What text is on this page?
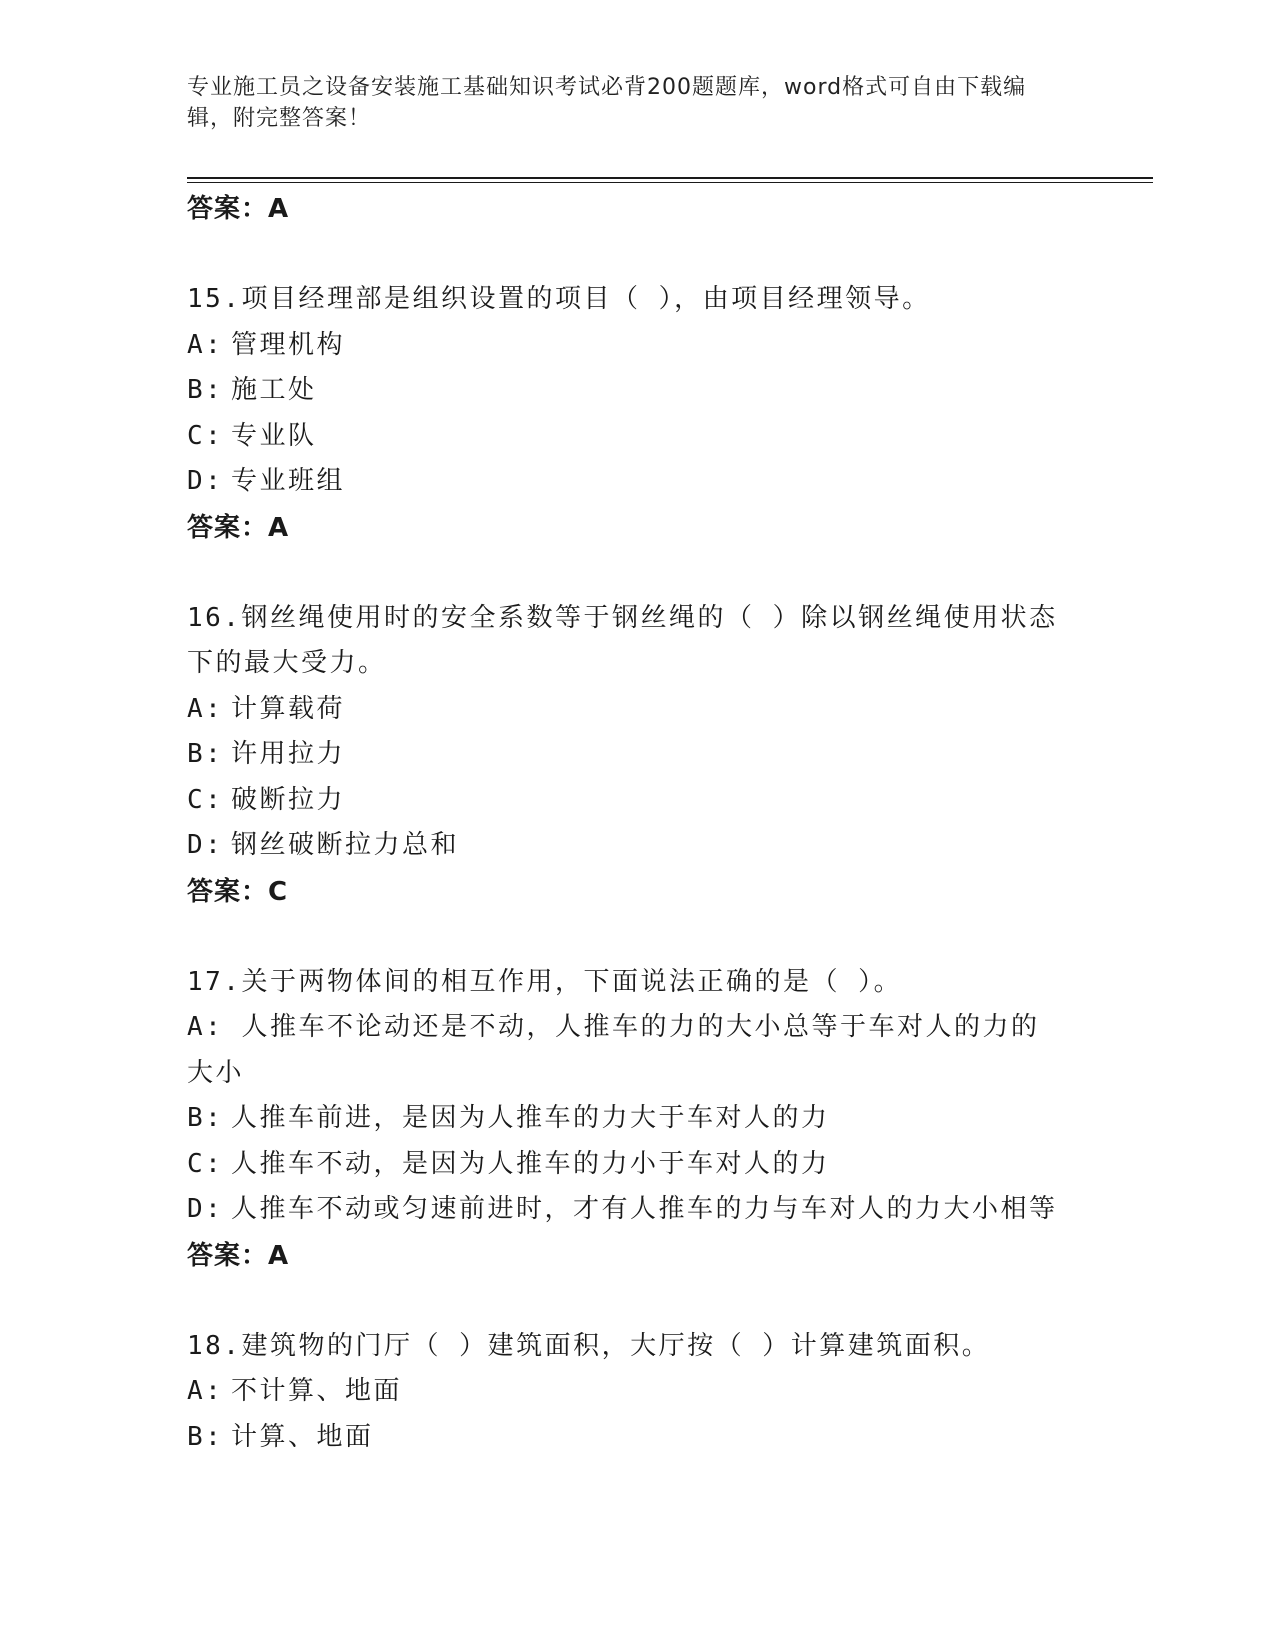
专业施工员之设备安装施工基础知识考试必背200题题库，word格式可自由下载编辑，附完整答案！
答案：A
15.项目经理部是组织设置的项目（ ），由项目经理领导。
A: 管理机构
B: 施工处
C: 专业队
D: 专业班组
答案：A
16.钢丝绳使用时的安全系数等于钢丝绳的（ ）除以钢丝绳使用状态下的最大受力。
A: 计算载荷
B: 许用拉力
C: 破断拉力
D: 钢丝破断拉力总和
答案：C
17.关于两物体间的相互作用，下面说法正确的是（ ）。
A: 人推车不论动还是不动，人推车的力的大小总等于车对人的力的大小
B: 人推车前进，是因为人推车的力大于车对人的力
C: 人推车不动，是因为人推车的力小于车对人的力
D: 人推车不动或匀速前进时，才有人推车的力与车对人的力大小相等
答案：A
18.建筑物的门厅（ ）建筑面积，大厅按（ ）计算建筑面积。
A: 不计算、地面
B: 计算、地面
